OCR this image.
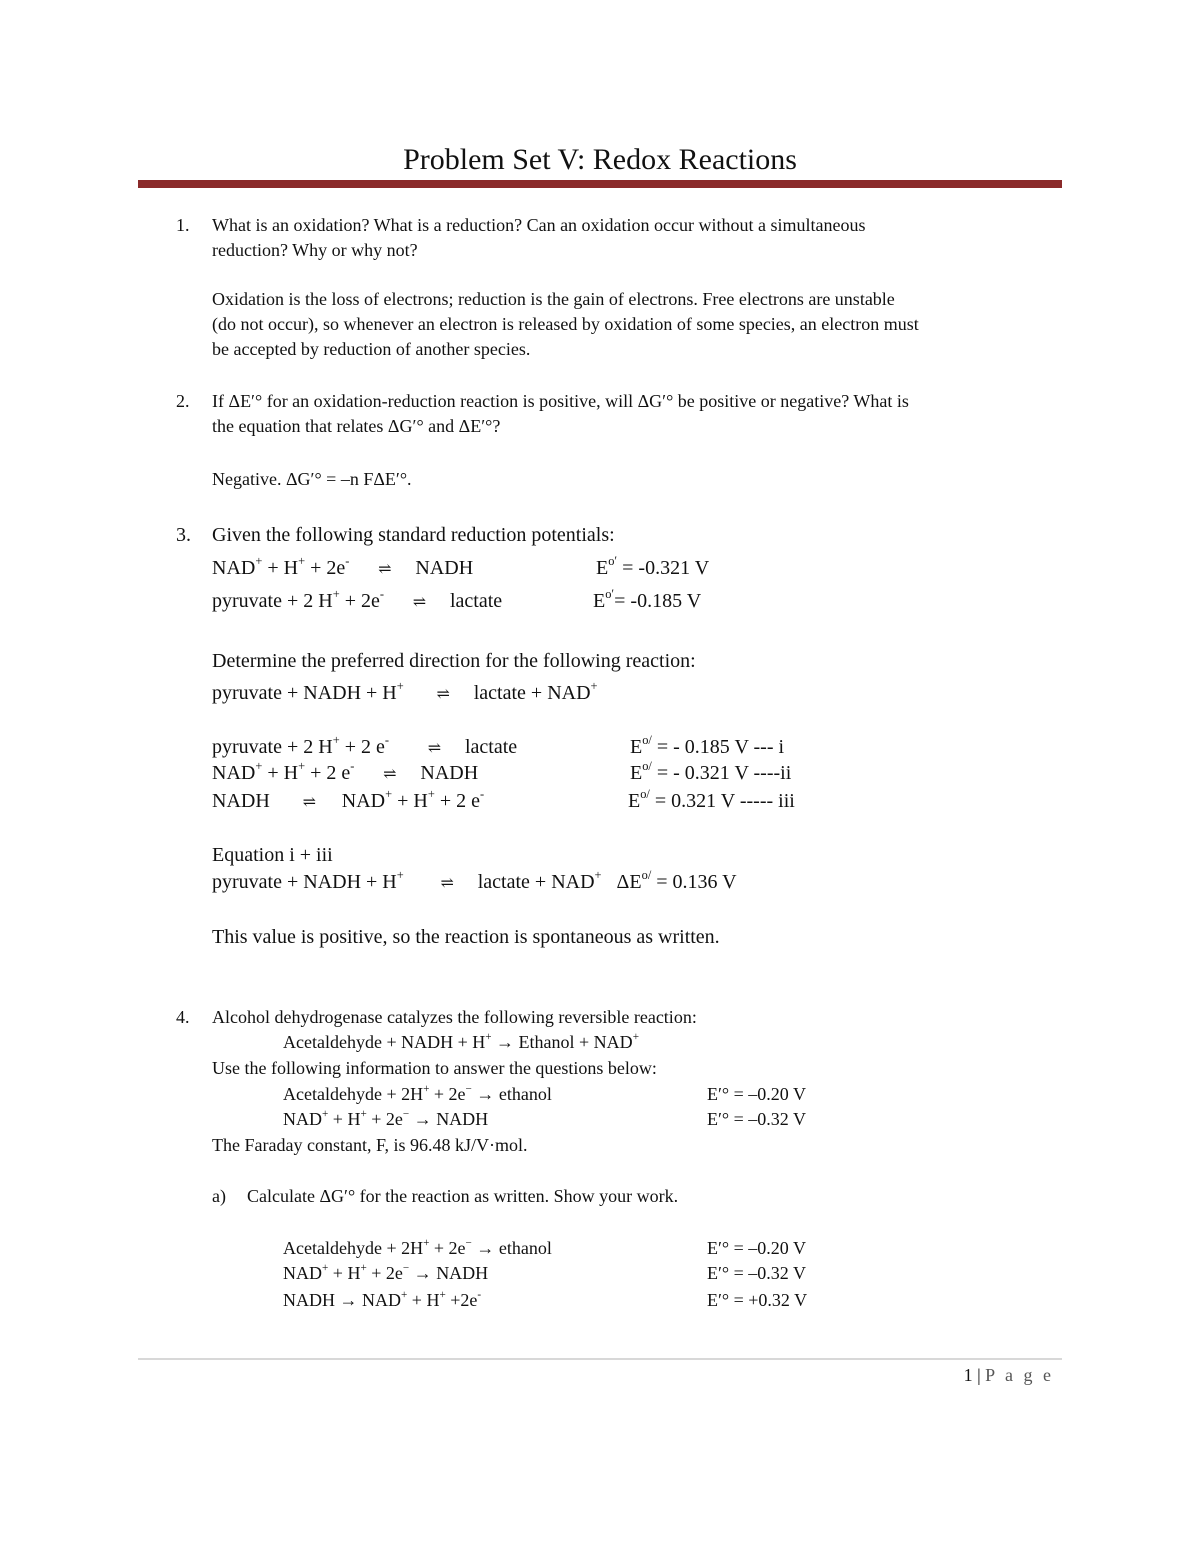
Problem Set V: Redox Reactions
1. What is an oxidation? What is a reduction? Can an oxidation occur without a simultaneous
reduction? Why or why not?
Oxidation is the loss of electrons; reduction is the gain of electrons. Free electrons are unstable
(do not occur), so whenever an electron is released by oxidation of some species, an electron must
be accepted by reduction of another species.
2. If ΔE′° for an oxidation-reduction reaction is positive, will ΔG′° be positive or negative? What is
the equation that relates ΔG′° and ΔE′°?
Negative. ΔG′° = –n FΔE′°.
3. Given the following standard reduction potentials:
NAD+ + H+ + 2e- ⇌ NADH	$E^{o'} = -0.321$ V
pyruvate + 2 H+ + 2e- ⇌ lactate	$E^{o'}= -0.185$ V
Determine the preferred direction for the following reaction:
pyruvate + NADH + H+ ⇌ lactate + NAD+
pyruvate + 2 H+ + 2 e- ⇌ lactate	$E^{o/}$ = - 0.185 V --- i
NAD+ + H+ + 2 e- ⇌ NADH	$E^{o/}$ = - 0.321 V ----ii
NADH ⇌ NAD+ + H+ + 2 e-	$E^{o/} = 0.321$ V ----- iii
Equation i + iii
pyruvate + NADH + H+ ⇌ lactate + NAD+ $\Delta E^{o/} = 0.136$ V
This value is positive, so the reaction is spontaneous as written.
4. Alcohol dehydrogenase catalyzes the following reversible reaction:
Acetaldehyde + NADH + H+ → Ethanol + NAD+
Use the following information to answer the questions below:
Acetaldehyde + 2H+ + 2e− → ethanol	E′° = –0.20 V
NAD+ + H+ + 2e− → NADH	E′° = –0.32 V
The Faraday constant, F, is 96.48 kJ/V·mol.
a) Calculate ΔG′° for the reaction as written. Show your work.
Acetaldehyde + 2H+ + 2e− → ethanol	E′° = –0.20 V
NAD+ + H+ + 2e− → NADH	E′° = –0.32 V
NADH → NAD+ + H+ +2e-	E′° = +0.32 V
1 | P a g e
